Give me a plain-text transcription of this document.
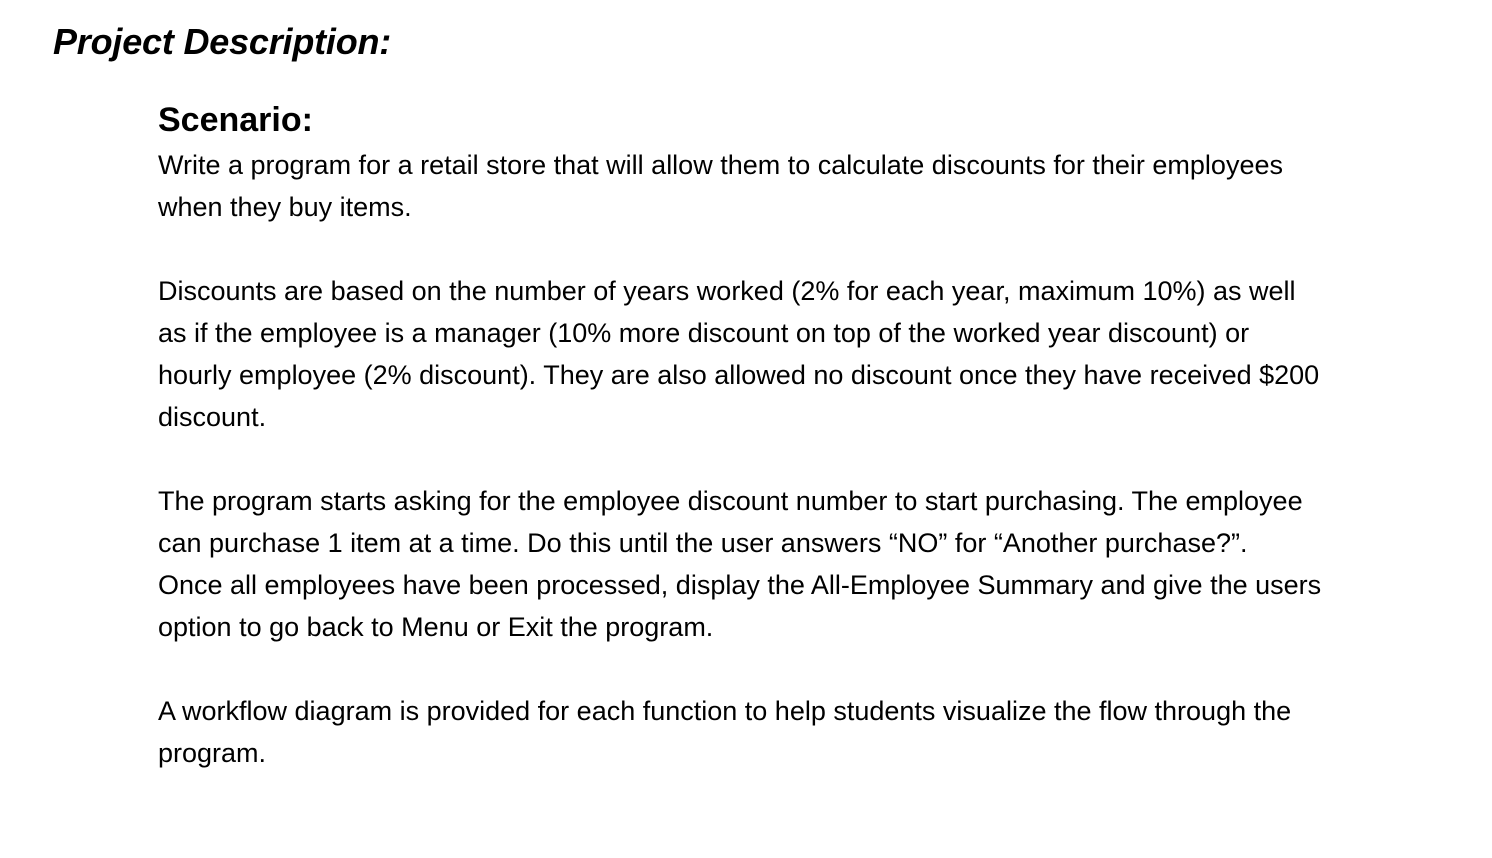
Project Description:
Scenario:

Write a program for a retail store that will allow them to calculate discounts for their employees
when they buy items.

Discounts are based on the number of years worked (2% for each year, maximum 10%) as well
as if the employee is a manager (10% more discount on top of the worked year discount) or
hourly employee (2% discount). They are also allowed no discount once they have received $200
discount.

The program starts asking for the employee discount number to start purchasing. The employee
can purchase 1 item at a time. Do this until the user answers “NO” for “Another purchase?”.
Once all employees have been processed, display the All-Employee Summary and give the users
option to go back to Menu or Exit the program.

A workflow diagram is provided for each function to help students visualize the flow through the
program.
